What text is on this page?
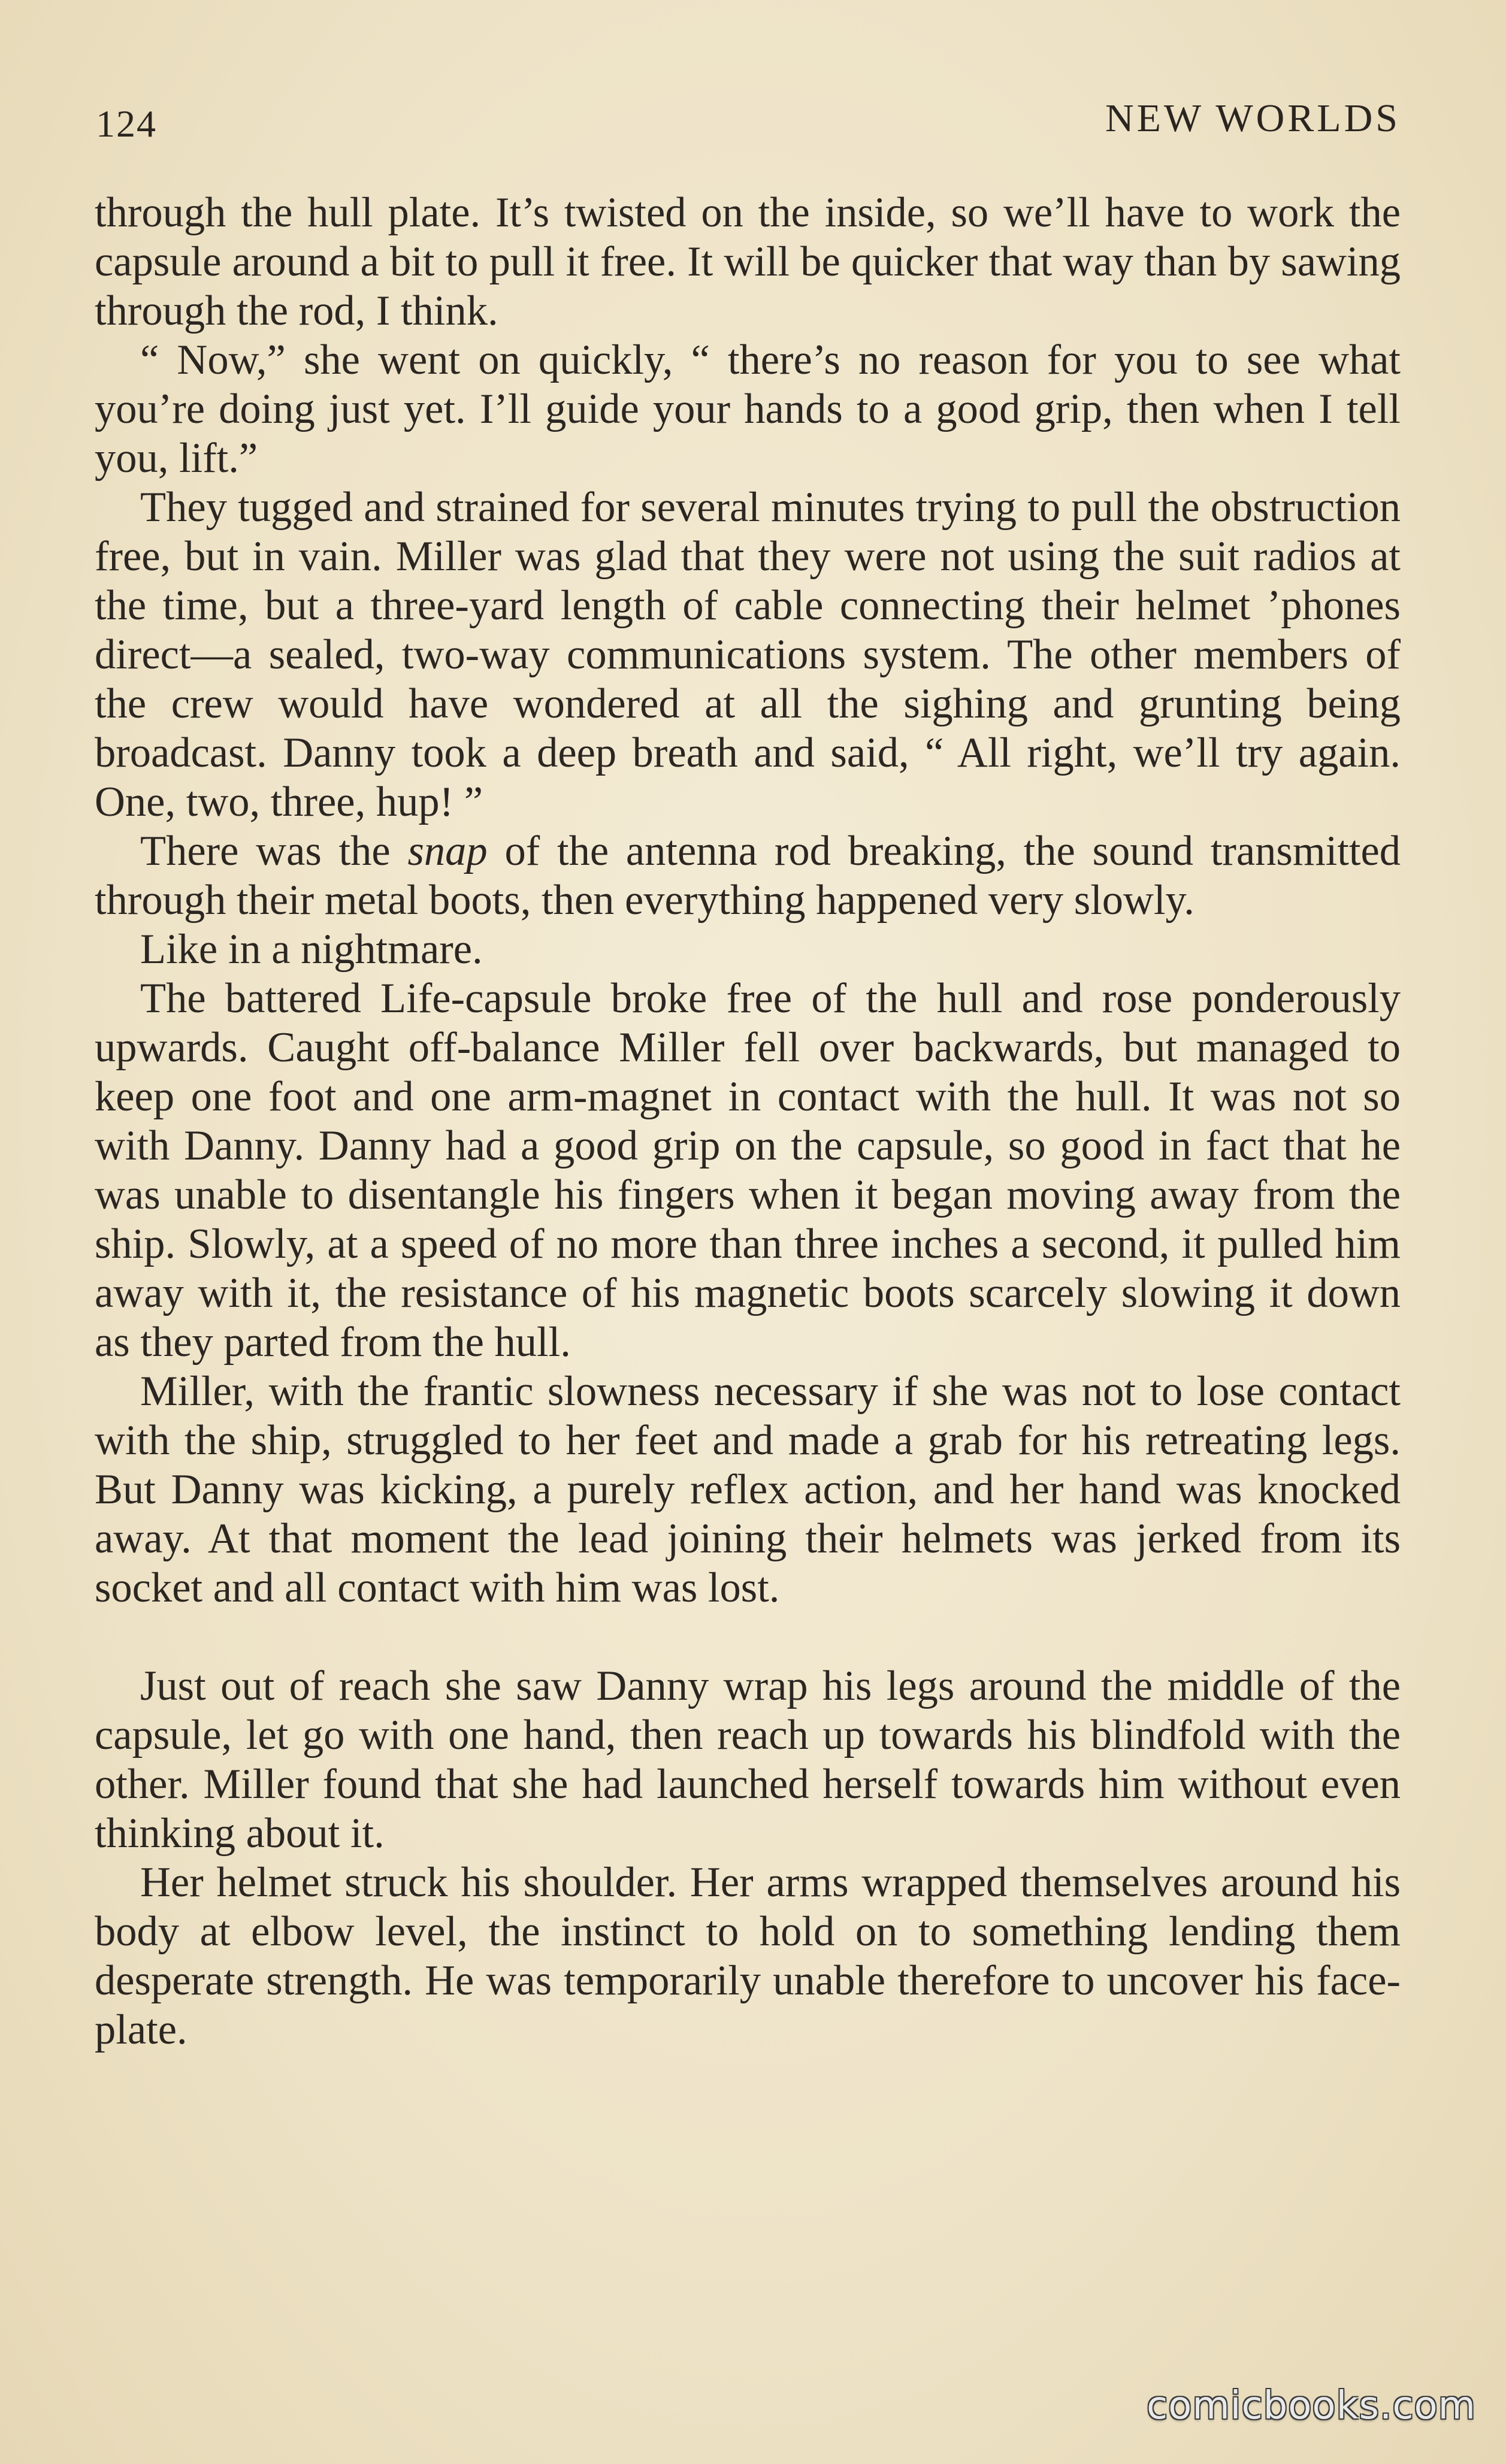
124	NEW WORLDS

through the hull plate. It’s twisted on the inside, so we’ll have to work the capsule around a bit to pull it free. It will be quicker that way than by sawing through the rod, I think.

“ Now,” she went on quickly, “ there’s no reason for you to see what you’re doing just yet. I’ll guide your hands to a good grip, then when I tell you, lift.”

They tugged and strained for several minutes trying to pull the obstruction free, but in vain. Miller was glad that they were not using the suit radios at the time, but a three-yard length of cable connecting their helmet ’phones direct—a sealed, two-way communications system. The other members of the crew would have wondered at all the sighing and grunting being broadcast. Danny took a deep breath and said, “ All right, we’ll try again. One, two, three, hup! ”

There was the snap of the antenna rod breaking, the sound transmitted through their metal boots, then everything happened very slowly.

Like in a nightmare.

The battered Life-capsule broke free of the hull and rose ponderously upwards. Caught off-balance Miller fell over backwards, but managed to keep one foot and one arm-magnet in contact with the hull. It was not so with Danny. Danny had a good grip on the capsule, so good in fact that he was unable to disentangle his fingers when it began moving away from the ship. Slowly, at a speed of no more than three inches a second, it pulled him away with it, the resistance of his magnetic boots scarcely slowing it down as they parted from the hull.

Miller, with the frantic slowness necessary if she was not to lose contact with the ship, struggled to her feet and made a grab for his retreating legs. But Danny was kicking, a purely reflex action, and her hand was knocked away. At that moment the lead joining their helmets was jerked from its socket and all contact with him was lost.

Just out of reach she saw Danny wrap his legs around the middle of the capsule, let go with one hand, then reach up towards his blindfold with the other. Miller found that she had launched herself towards him without even thinking about it.

Her helmet struck his shoulder. Her arms wrapped themselves around his body at elbow level, the instinct to hold on to something lending them desperate strength. He was temporarily unable therefore to uncover his face-plate.

comicbooks.com
